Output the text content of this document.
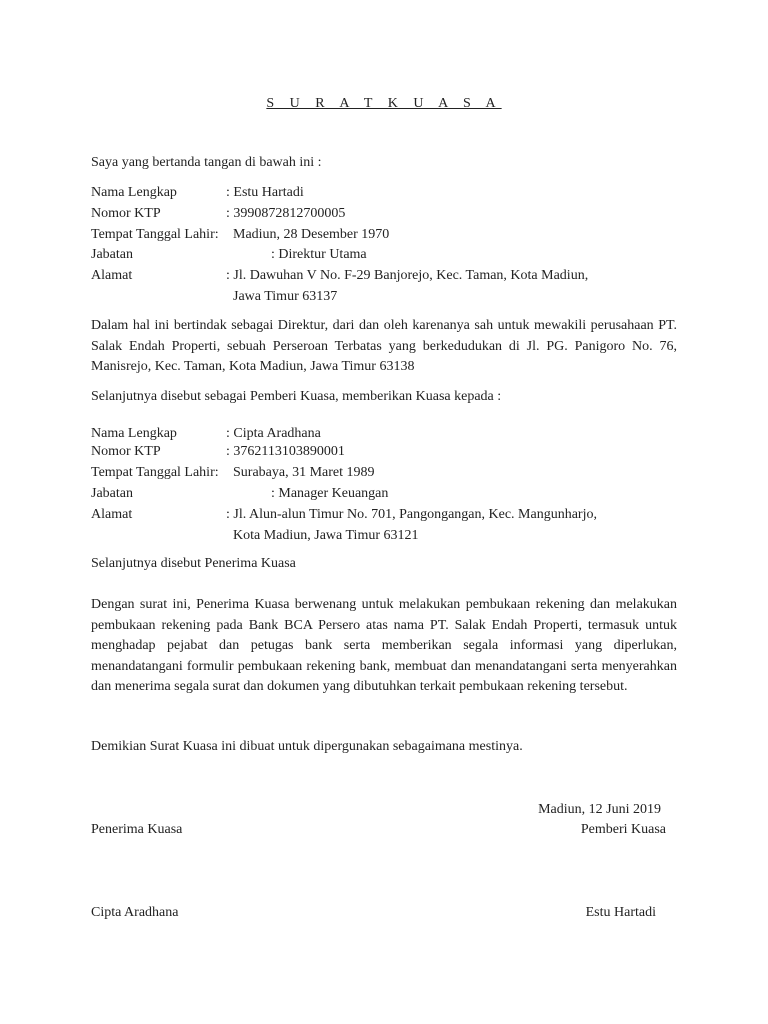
S U R A T K U A S A
Saya yang bertanda tangan di bawah ini :
Nama Lengkap	: Estu Hartadi
Nomor KTP	: 3990872812700005
Tempat Tanggal Lahir: Madiun, 28 Desember 1970
Jabatan	: Direktur Utama
Alamat	: Jl. Dawuhan V No. F-29 Banjorejo, Kec. Taman, Kota Madiun,
Jawa Timur 63137

Dalam hal ini bertindak sebagai Direktur, dari dan oleh karenanya sah untuk mewakili perusahaan PT. Salak Endah Properti, sebuah Perseroan Terbatas yang berkedudukan di Jl. PG. Panigoro No. 76, Manisrejo, Kec. Taman, Kota Madiun, Jawa Timur 63138

Selanjutnya disebut sebagai Pemberi Kuasa, memberikan Kuasa kepada :
Nama Lengkap	: Cipta Aradhana
Nomor KTP	: 3762113103890001
Tempat Tanggal Lahir: Surabaya, 31 Maret 1989
Jabatan	: Manager Keuangan
Alamat	: Jl. Alun-alun Timur No. 701, Pangongangan, Kec. Mangunharjo,
Kota Madiun, Jawa Timur 63121
Selanjutnya disebut Penerima Kuasa

Dengan surat ini, Penerima Kuasa berwenang untuk melakukan pembukaan rekening dan melakukan pembukaan rekening pada Bank BCA Persero atas nama PT. Salak Endah Properti, termasuk untuk menghadap pejabat dan petugas bank serta memberikan segala informasi yang diperlukan, menandatangani formulir pembukaan rekening bank, membuat dan menandatangani serta menyerahkan dan menerima segala surat dan dokumen yang dibutuhkan terkait pembukaan rekening tersebut.

Demikian Surat Kuasa ini dibuat untuk dipergunakan sebagaimana mestinya.
Madiun, 12 Juni 2019
Penerima Kuasa	Pemberi Kuasa
Cipta Aradhana	Estu Hartadi
